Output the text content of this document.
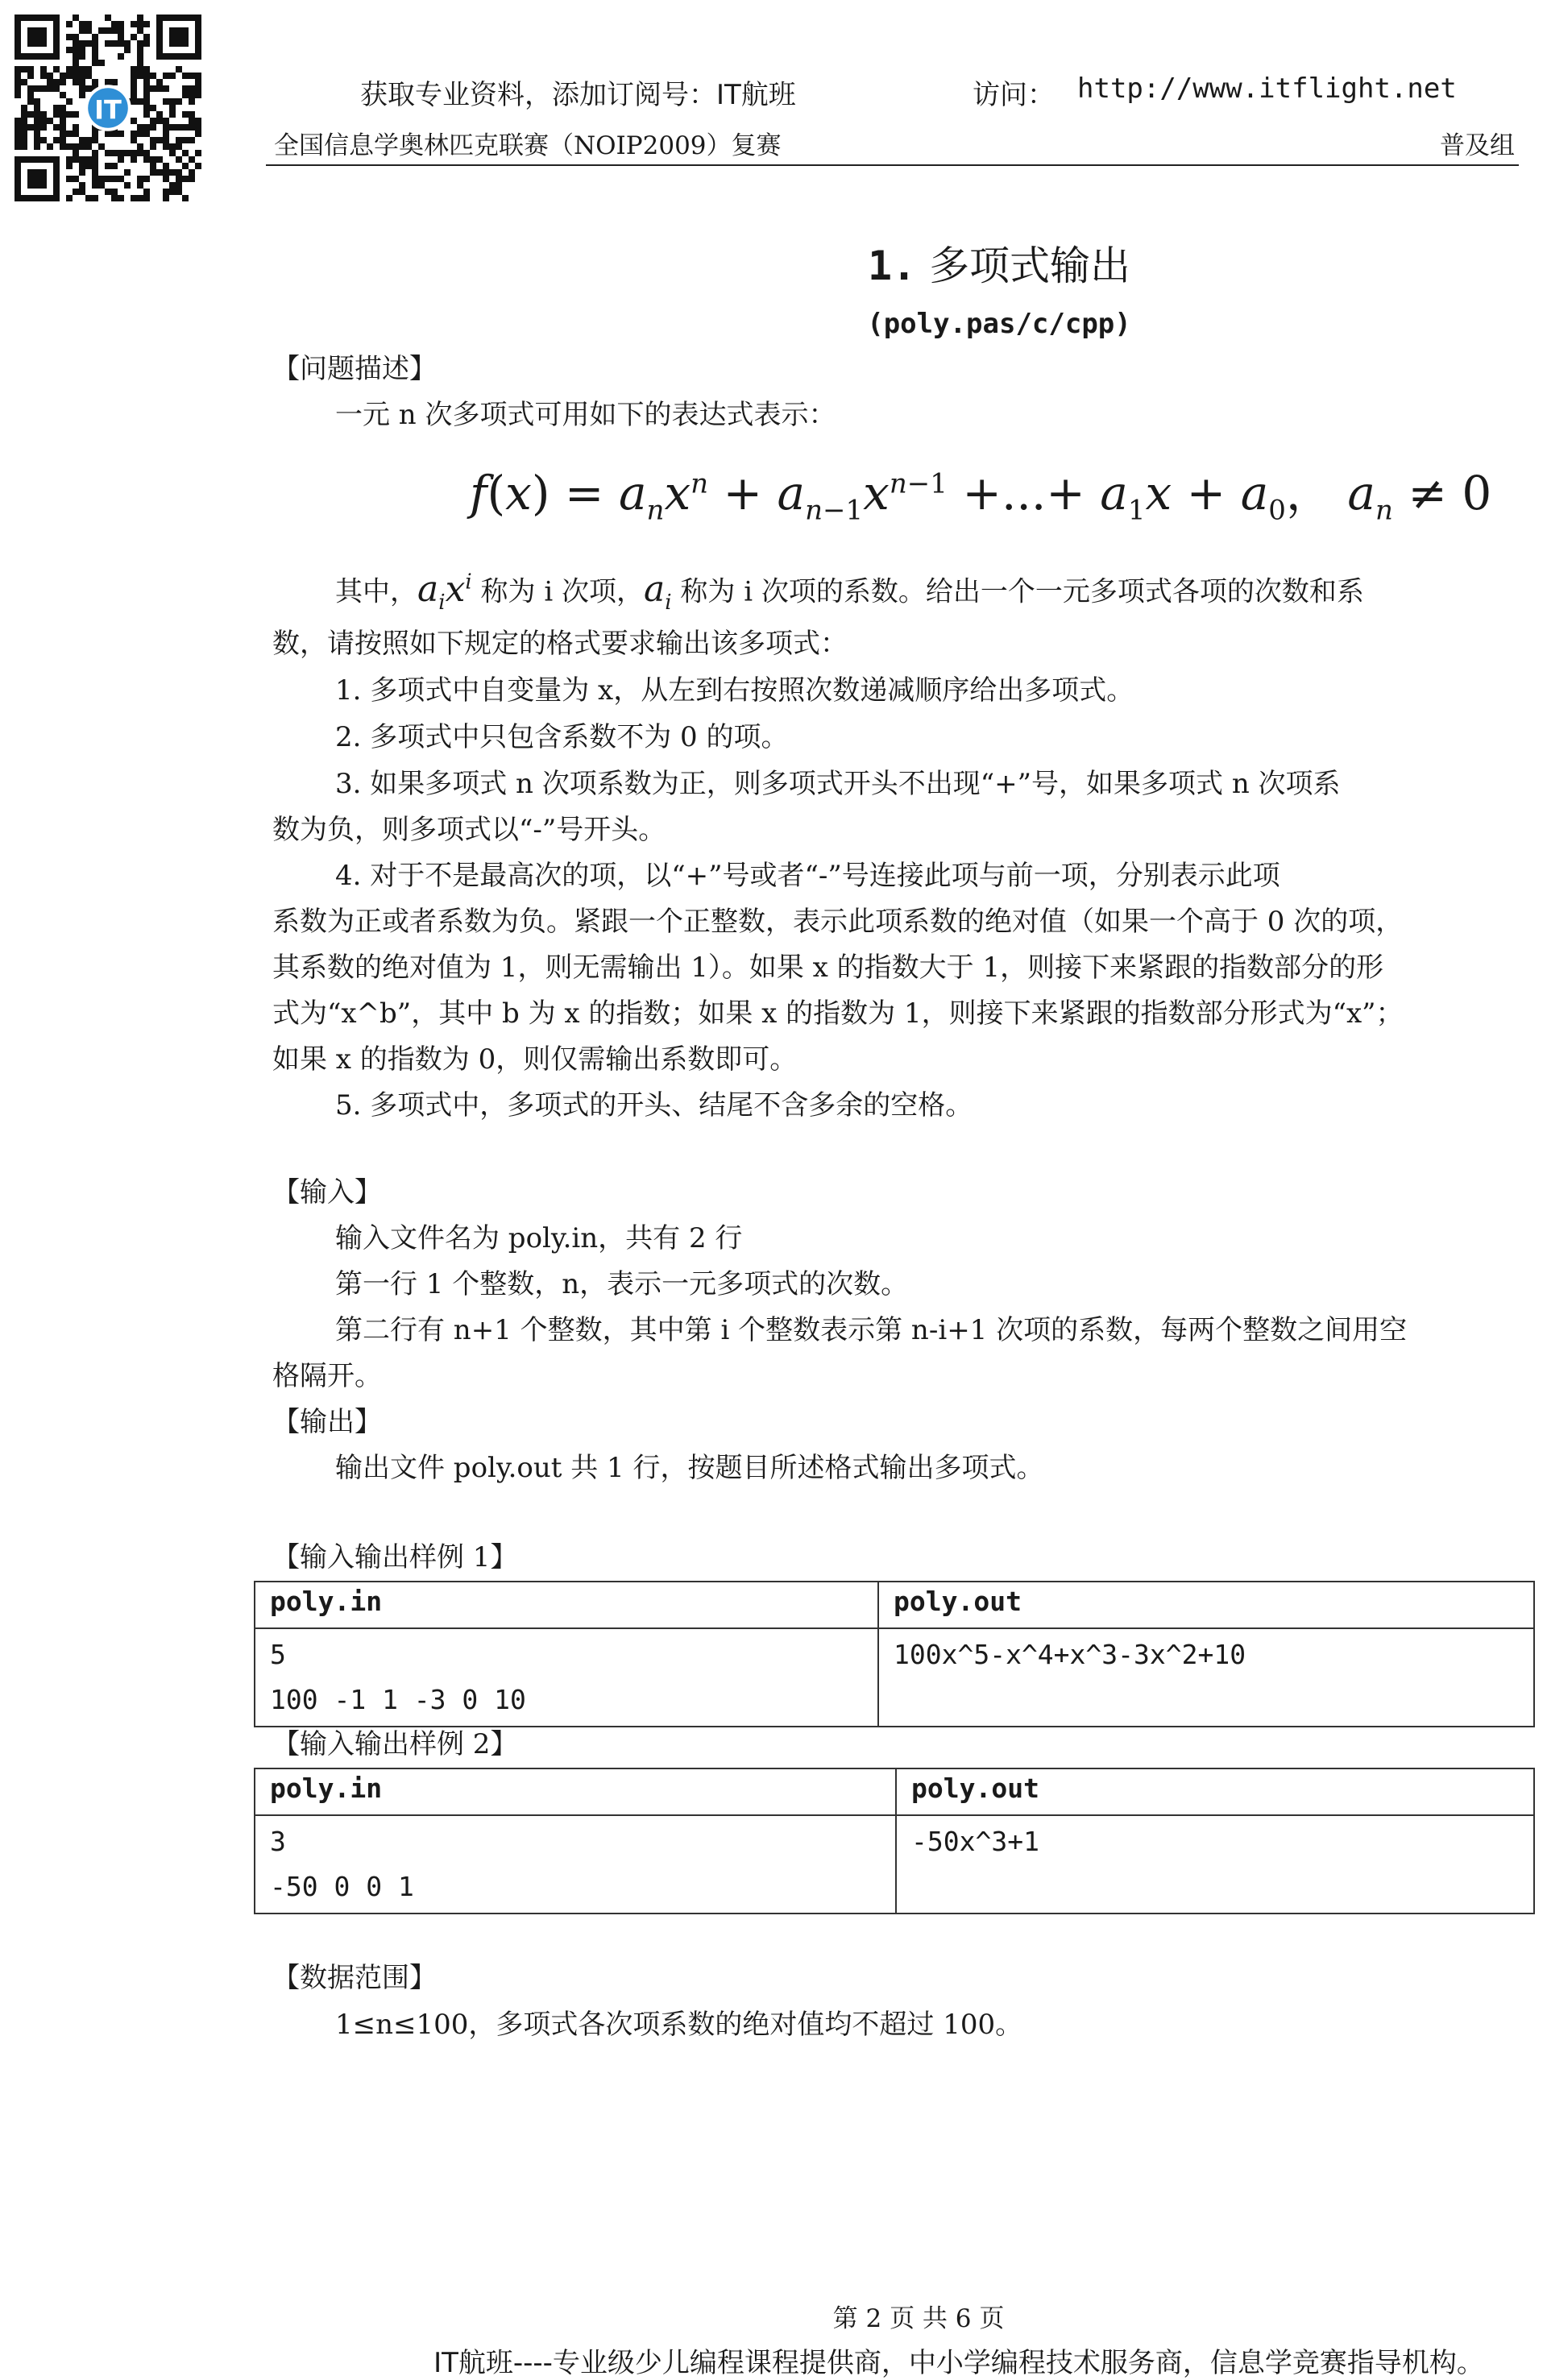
IT	获取专业资料，添加订阅号：IT航班	访问： http://www.itflight.net
全国信息学奥林匹克联赛（NOIP2009）复赛	普及组
1. 多项式输出
(poly.pas/c/cpp)
【问题描述】
一元 n 次多项式可用如下的表达式表示：
$f(x) = a_nx^n + a_{n-1}x^{n-1}$ +...+ $a_1x + a_0$， $a_n \ne 0$
其中，$a_ix^i$ 称为 i 次项，$a_i$ 称为 i 次项的系数。给出一个一元多项式各项的次数和系
数，请按照如下规定的格式要求输出该多项式：
1. 多项式中自变量为 x，从左到右按照次数递减顺序给出多项式。
2. 多项式中只包含系数不为 0 的项。
3. 如果多项式 n 次项系数为正，则多项式开头不出现“+”号，如果多项式 n 次项系
数为负，则多项式以“-”号开头。
4. 对于不是最高次的项，以“+”号或者“-”号连接此项与前一项，分别表示此项
系数为正或者系数为负。紧跟一个正整数，表示此项系数的绝对值（如果一个高于 0 次的项，
其系数的绝对值为 1，则无需输出 1）。如果 x 的指数大于 1，则接下来紧跟的指数部分的形
式为“x^b”，其中 b 为 x 的指数；如果 x 的指数为 1，则接下来紧跟的指数部分形式为“x”；
如果 x 的指数为 0，则仅需输出系数即可。
5. 多项式中，多项式的开头、结尾不含多余的空格。
【输入】
输入文件名为 poly.in，共有 2 行
第一行 1 个整数，n，表示一元多项式的次数。
第二行有 n+1 个整数，其中第 i 个整数表示第 n-i+1 次项的系数，每两个整数之间用空
格隔开。
【输出】
输出文件 poly.out 共 1 行，按题目所述格式输出多项式。
【输入输出样例 1】
poly.in	poly.out

5
100 -1 1 -3 0 10	100x^5-x^4+x^3-3x^2+10
【输入输出样例 2】
poly.in	poly.out

3
-50 0 0 1	-50x^3+1
【数据范围】
1≤n≤100，多项式各次项系数的绝对值均不超过 100。
第 2 页 共 6 页
IT航班----专业级少儿编程课程提供商，中小学编程技术服务商，信息学竞赛指导机构。
